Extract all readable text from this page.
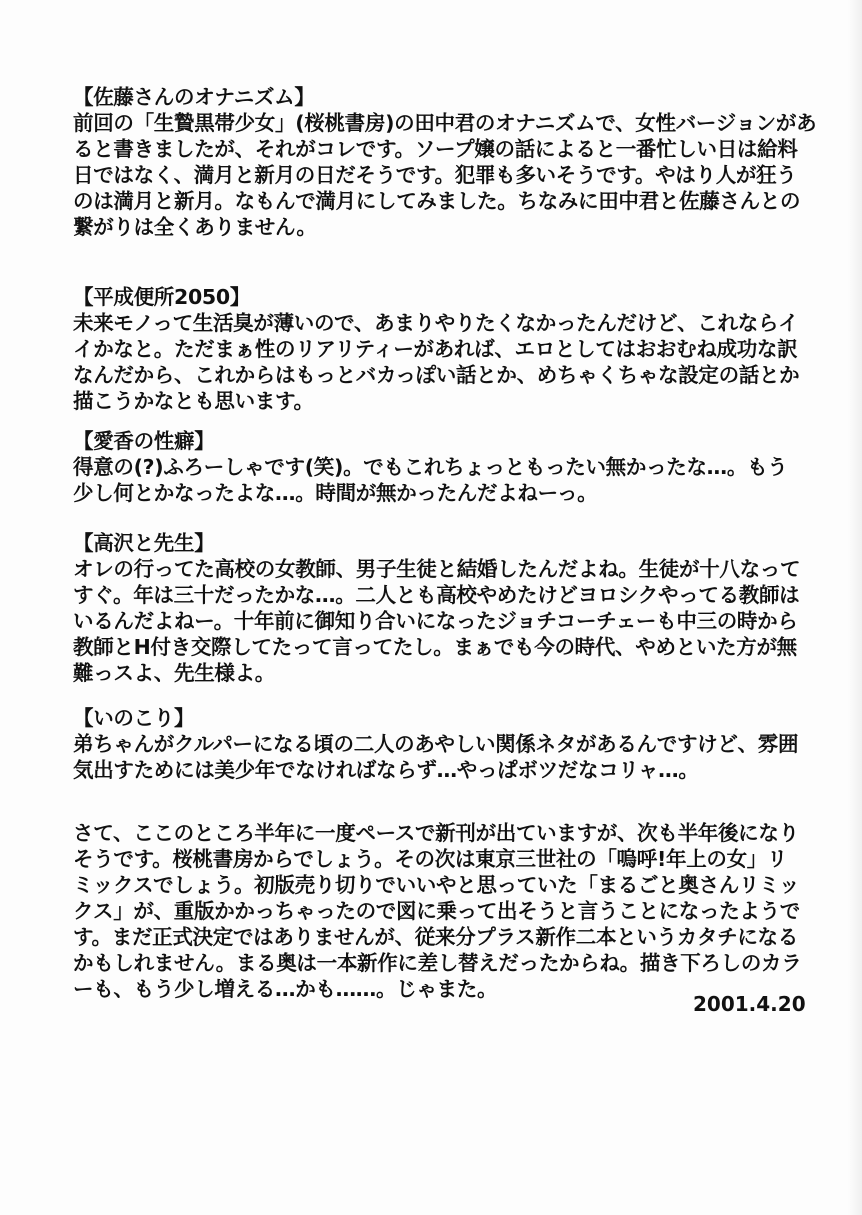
【佐藤さんのオナニズム】
前回の「生贄黒帯少女」(桜桃書房)の田中君のオナニズムで、女性バージョンがあ
ると書きましたが、それがコレです。ソープ嬢の話によると一番忙しい日は給料
日ではなく、満月と新月の日だそうです。犯罪も多いそうです。やはり人が狂う
のは満月と新月。なもんで満月にしてみました。ちなみに田中君と佐藤さんとの
繋がりは全くありません。
【平成便所2050】
未来モノって生活臭が薄いので、あまりやりたくなかったんだけど、これならイ
イかなと。ただまぁ性のリアリティーがあれば、エロとしてはおおむね成功な訳
なんだから、これからはもっとバカっぽい話とか、めちゃくちゃな設定の話とか
描こうかなとも思います。
【愛香の性癖】
得意の(?)ふろーしゃです(笑)。でもこれちょっともったい無かったな…。もう
少し何とかなったよな…。時間が無かったんだよねーっ。
【高沢と先生】
オレの行ってた高校の女教師、男子生徒と結婚したんだよね。生徒が十八なって
すぐ。年は三十だったかな…。二人とも高校やめたけどヨロシクやってる教師は
いるんだよねー。十年前に御知り合いになったジョチコーチェーも中三の時から
教師とH付き交際してたって言ってたし。まぁでも今の時代、やめといた方が無
難っスよ、先生様よ。
【いのこり】
弟ちゃんがクルパーになる頃の二人のあやしい関係ネタがあるんですけど、雰囲
気出すためには美少年でなければならず…やっぱボツだなコリャ…。
さて、ここのところ半年に一度ペースで新刊が出ていますが、次も半年後になり
そうです。桜桃書房からでしょう。その次は東京三世社の「嗚呼!年上の女」リ
ミックスでしょう。初版売り切りでいいやと思っていた「まるごと奥さんリミッ
クス」が、重版かかっちゃったので図に乗って出そうと言うことになったようで
す。まだ正式決定ではありませんが、従来分プラス新作二本というカタチになる
かもしれません。まる奥は一本新作に差し替えだったからね。描き下ろしのカラ
ーも、もう少し増える…かも……。じゃまた。
2001.4.20
